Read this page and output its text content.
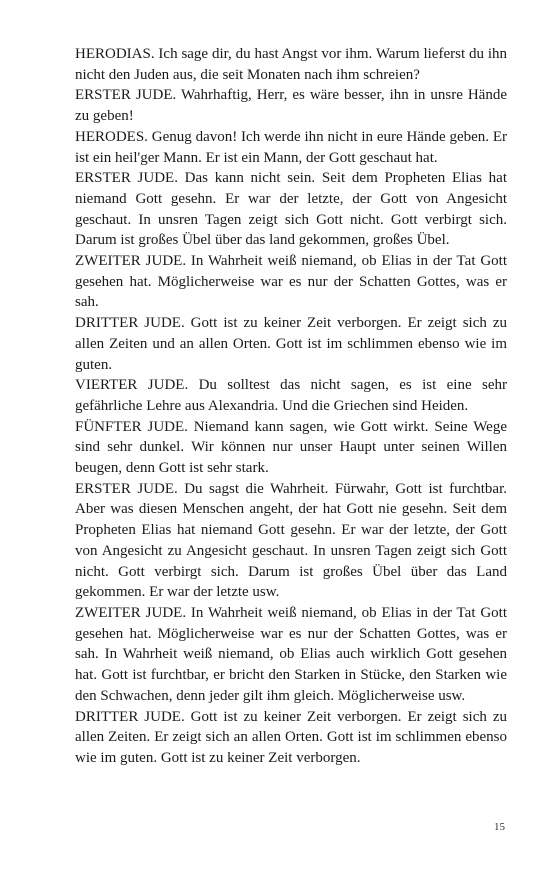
HERODIAS. Ich sage dir, du hast Angst vor ihm. Warum lieferst du ihn nicht den Juden aus, die seit Monaten nach ihm schreien?

ERSTER JUDE. Wahrhaftig, Herr, es wäre besser, ihn in unsre Hände zu geben!

HERODES. Genug davon! Ich werde ihn nicht in eure Hände geben. Er ist ein heil'ger Mann. Er ist ein Mann, der Gott geschaut hat.

ERSTER JUDE. Das kann nicht sein. Seit dem Propheten Elias hat niemand Gott gesehn. Er war der letzte, der Gott von Angesicht geschaut. In unsren Tagen zeigt sich Gott nicht. Gott verbirgt sich. Darum ist großes Übel über das land gekommen, großes Übel.

ZWEITER JUDE. In Wahrheit weiß niemand, ob Elias in der Tat Gott gesehen hat. Möglicherweise war es nur der Schatten Gottes, was er sah.

DRITTER JUDE. Gott ist zu keiner Zeit verborgen. Er zeigt sich zu allen Zeiten und an allen Orten. Gott ist im schlimmen ebenso wie im guten.

VIERTER JUDE. Du solltest das nicht sagen, es ist eine sehr gefährliche Lehre aus Alexandria. Und die Griechen sind Heiden.

FÜNFTER JUDE. Niemand kann sagen, wie Gott wirkt. Seine Wege sind sehr dunkel. Wir können nur unser Haupt unter seinen Willen beugen, denn Gott ist sehr stark.

ERSTER JUDE. Du sagst die Wahrheit. Fürwahr, Gott ist furchtbar. Aber was diesen Menschen angeht, der hat Gott nie gesehn. Seit dem Propheten Elias hat niemand Gott gesehn. Er war der letzte, der Gott von Angesicht zu Angesicht geschaut. In unsren Tagen zeigt sich Gott nicht. Gott verbirgt sich. Darum ist großes Übel über das Land gekommen. Er war der letzte usw.

ZWEITER JUDE. In Wahrheit weiß niemand, ob Elias in der Tat Gott gesehen hat. Möglicherweise war es nur der Schatten Gottes, was er sah. In Wahrheit weiß niemand, ob Elias auch wirklich Gott gesehen hat. Gott ist furchtbar, er bricht den Starken in Stücke, den Starken wie den Schwachen, denn jeder gilt ihm gleich. Möglicherweise usw.

DRITTER JUDE. Gott ist zu keiner Zeit verborgen. Er zeigt sich zu allen Zeiten. Er zeigt sich an allen Orten. Gott ist im schlimmen ebenso wie im guten. Gott ist zu keiner Zeit verborgen.

15
